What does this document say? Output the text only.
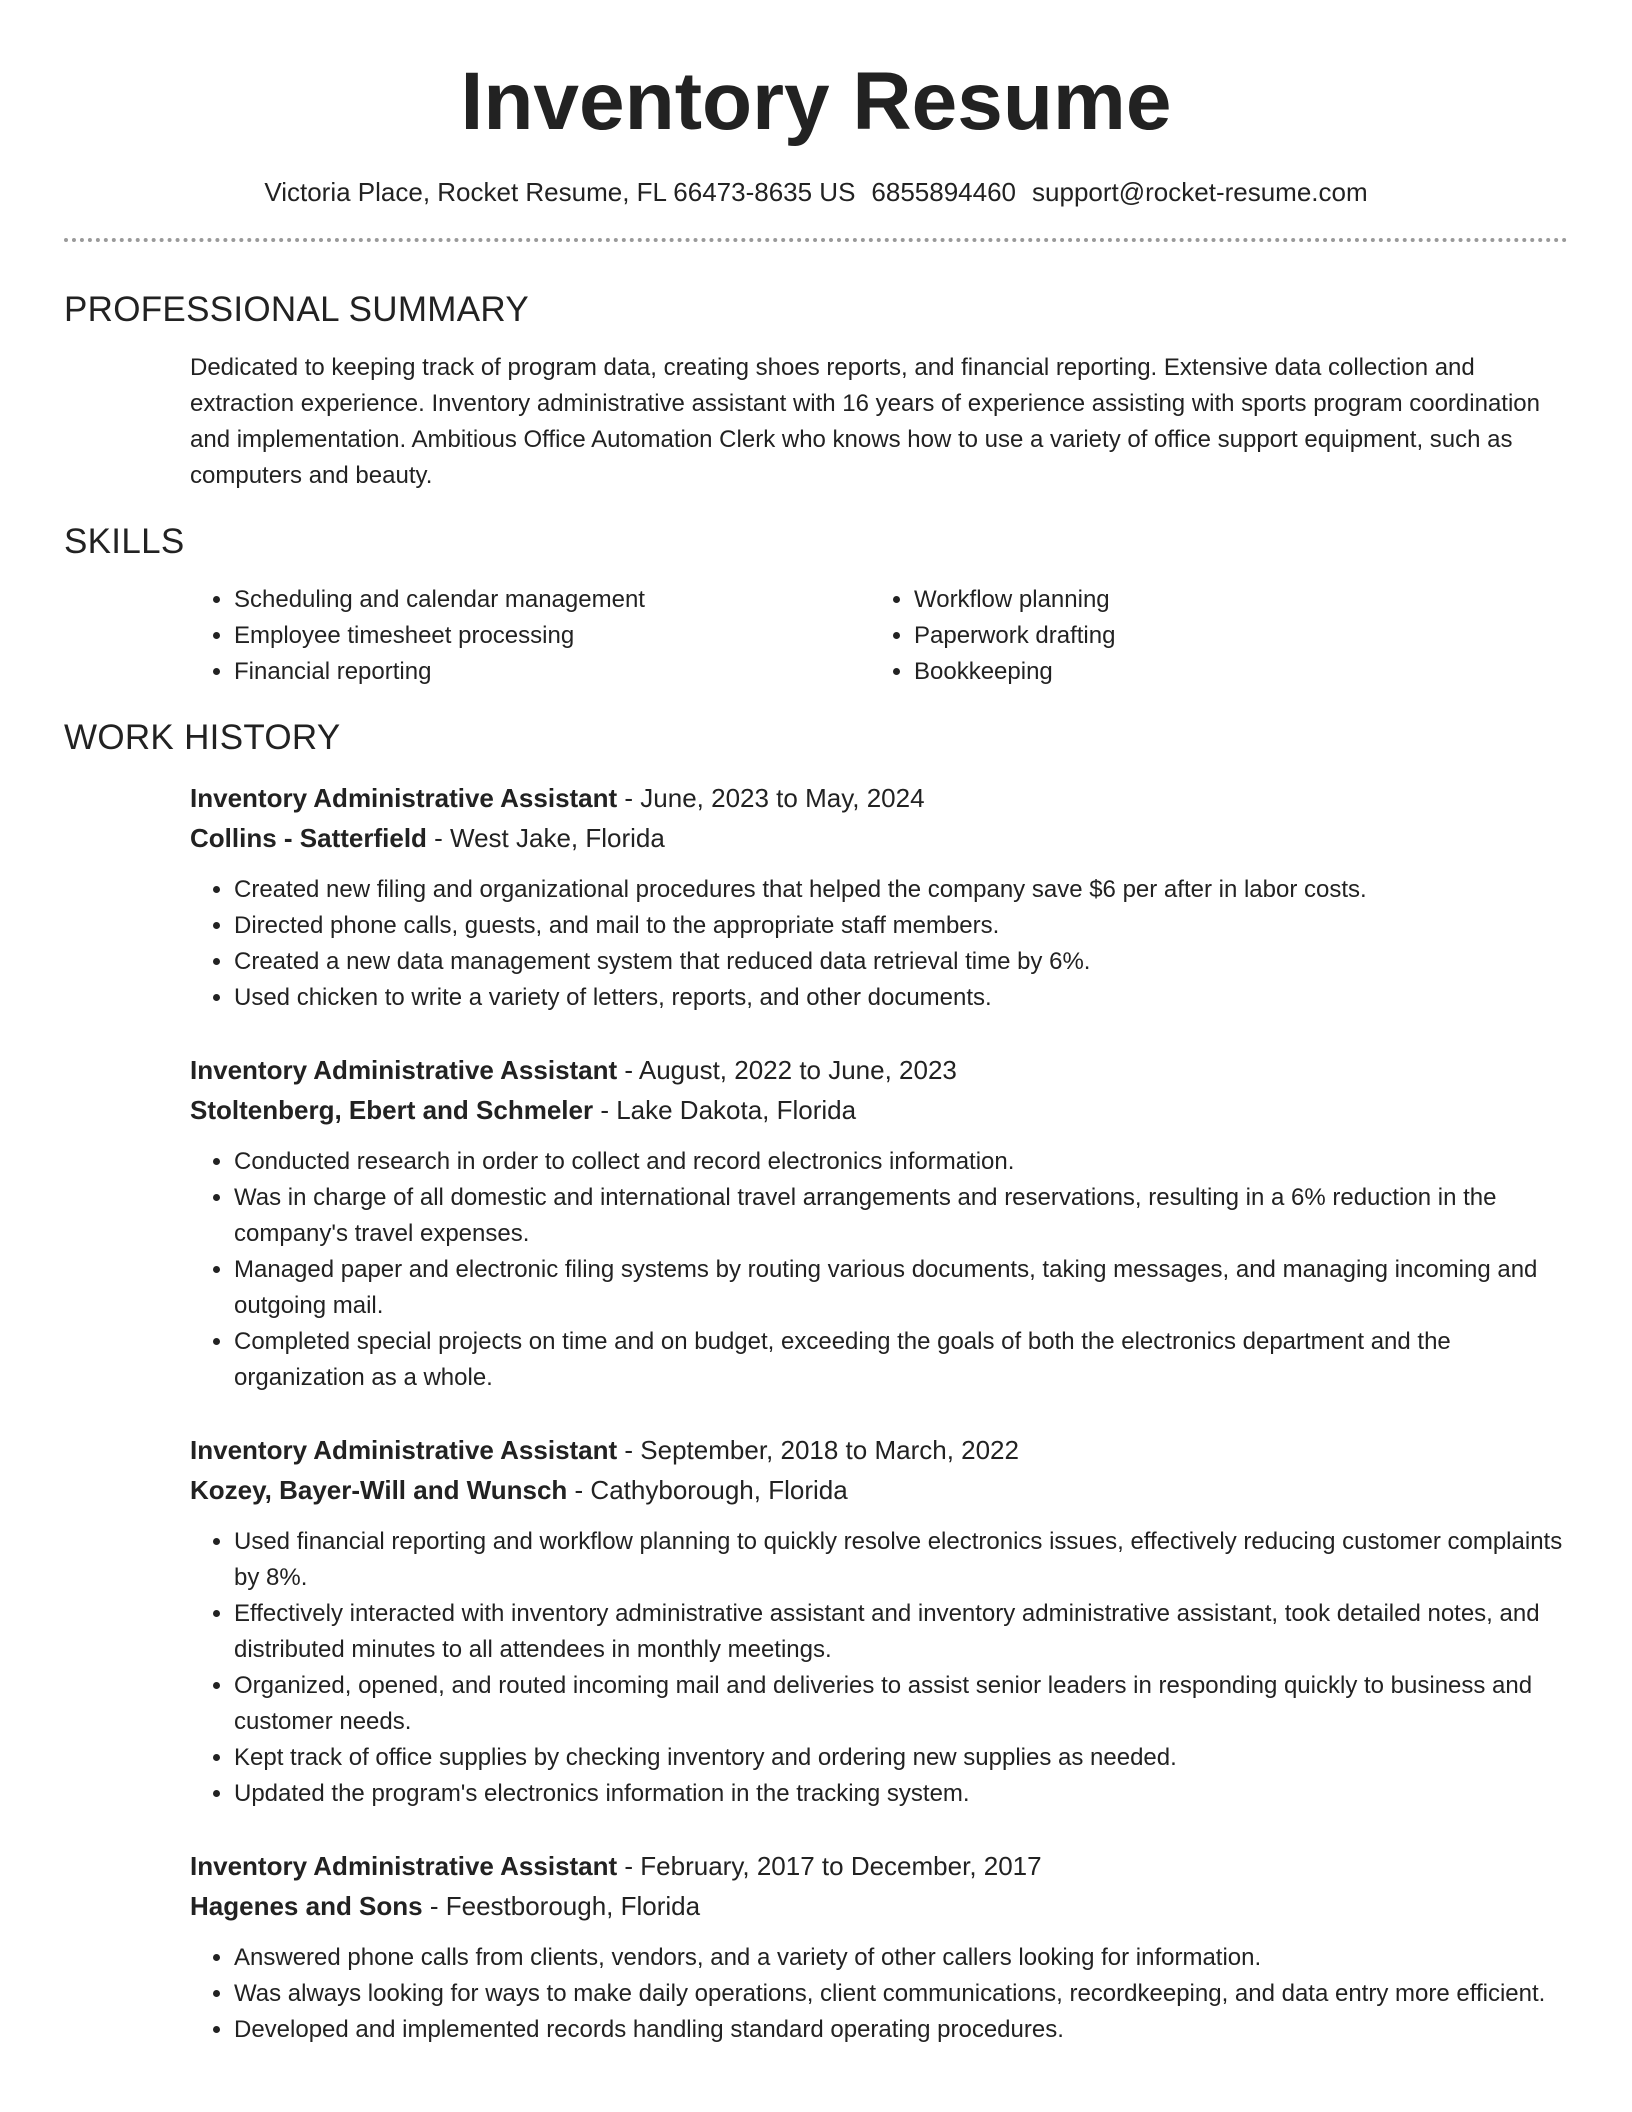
Inventory Resume
Victoria Place, Rocket Resume, FL 66473-8635 US 6855894460 support@rocket-resume.com
PROFESSIONAL SUMMARY

Dedicated to keeping track of program data, creating shoes reports, and financial reporting. Extensive data collection and extraction experience. Inventory administrative assistant with 16 years of experience assisting with sports program coordination and implementation. Ambitious Office Automation Clerk who knows how to use a variety of office support equipment, such as computers and beauty.

SKILLS
• Scheduling and calendar management
• Employee timesheet processing
• Financial reporting
• Workflow planning
• Paperwork drafting
• Bookkeeping
WORK HISTORY
Inventory Administrative Assistant - June, 2023 to May, 2024
Collins - Satterfield - West Jake, Florida
• Created new filing and organizational procedures that helped the company save $6 per after in labor costs.
• Directed phone calls, guests, and mail to the appropriate staff members.
• Created a new data management system that reduced data retrieval time by 6%.
• Used chicken to write a variety of letters, reports, and other documents.
Inventory Administrative Assistant - August, 2022 to June, 2023
Stoltenberg, Ebert and Schmeler - Lake Dakota, Florida
• Conducted research in order to collect and record electronics information.
• Was in charge of all domestic and international travel arrangements and reservations, resulting in a 6% reduction in the company's travel expenses.
• Managed paper and electronic filing systems by routing various documents, taking messages, and managing incoming and outgoing mail.
• Completed special projects on time and on budget, exceeding the goals of both the electronics department and the organization as a whole.
Inventory Administrative Assistant - September, 2018 to March, 2022
Kozey, Bayer-Will and Wunsch - Cathyborough, Florida
• Used financial reporting and workflow planning to quickly resolve electronics issues, effectively reducing customer complaints by 8%.
• Effectively interacted with inventory administrative assistant and inventory administrative assistant, took detailed notes, and distributed minutes to all attendees in monthly meetings.
• Organized, opened, and routed incoming mail and deliveries to assist senior leaders in responding quickly to business and customer needs.
• Kept track of office supplies by checking inventory and ordering new supplies as needed.
• Updated the program's electronics information in the tracking system.
Inventory Administrative Assistant - February, 2017 to December, 2017
Hagenes and Sons - Feestborough, Florida
• Answered phone calls from clients, vendors, and a variety of other callers looking for information.
• Was always looking for ways to make daily operations, client communications, recordkeeping, and data entry more efficient.
• Developed and implemented records handling standard operating procedures.
